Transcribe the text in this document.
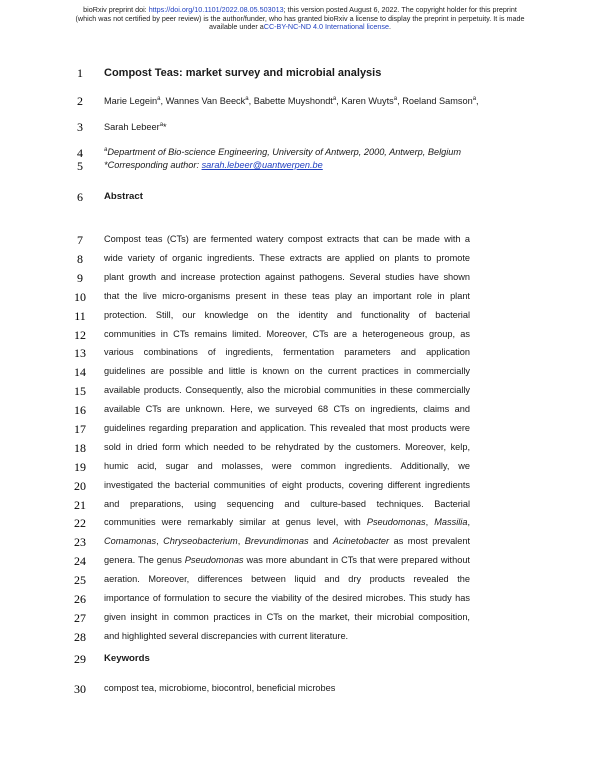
bioRxiv preprint doi: https://doi.org/10.1101/2022.08.05.503013; this version posted August 6, 2022. The copyright holder for this preprint
(which was not certified by peer review) is the author/funder, who has granted bioRxiv a license to display the preprint in perpetuity. It is made
available under aCC-BY-NC-ND 4.0 International license.
1
2
3
4
5
6
7
8
9
10
11
12
13
14
15
16
17
18
19
20
21
22
23
24
25
26
27
28
29
30
Compost Teas: market survey and microbial analysis
Marie Legein$^a$, Wannes Van Beeck$^a$, Babette Muyshondt$^a$, Karen Wuyts$^a$, Roeland Samson$^a$,
Sarah Lebeer$^a$*
$^a$Department of Bio-science Engineering, University of Antwerp, 2000, Antwerp, Belgium
*Corresponding author: sarah.lebeer@uantwerpen.be
Abstract
Compost teas (CTs) are fermented watery compost extracts that can be made with a
wide variety of organic ingredients. These extracts are applied on plants to promote
plant growth and increase protection against pathogens. Several studies have shown
that the live micro-organisms present in these teas play an important role in plant
protection. Still, our knowledge on the identity and functionality of bacterial
communities in CTs remains limited. Moreover, CTs are a heterogeneous group, as
various combinations of ingredients, fermentation parameters and application
guidelines are possible and little is known on the current practices in commercially
available products. Consequently, also the microbial communities in these commercially
available CTs are unknown. Here, we surveyed 68 CTs on ingredients, claims and
guidelines regarding preparation and application. This revealed that most products were
sold in dried form which needed to be rehydrated by the customers. Moreover, kelp,
humic acid, sugar and molasses, were common ingredients. Additionally, we
investigated the bacterial communities of eight products, covering different ingredients
and preparations, using sequencing and culture-based techniques. Bacterial
communities were remarkably similar at genus level, with Pseudomonas, Massilia,
Comamonas, Chryseobacterium, Brevundimonas and Acinetobacter as most prevalent
genera. The genus Pseudomonas was more abundant in CTs that were prepared without
aeration. Moreover, differences between liquid and dry products revealed the
importance of formulation to secure the viability of the desired microbes. This study has
given insight in common practices in CTs on the market, their microbial composition,
and highlighted several discrepancies with current literature.
Keywords
compost tea, microbiome, biocontrol, beneficial microbes
